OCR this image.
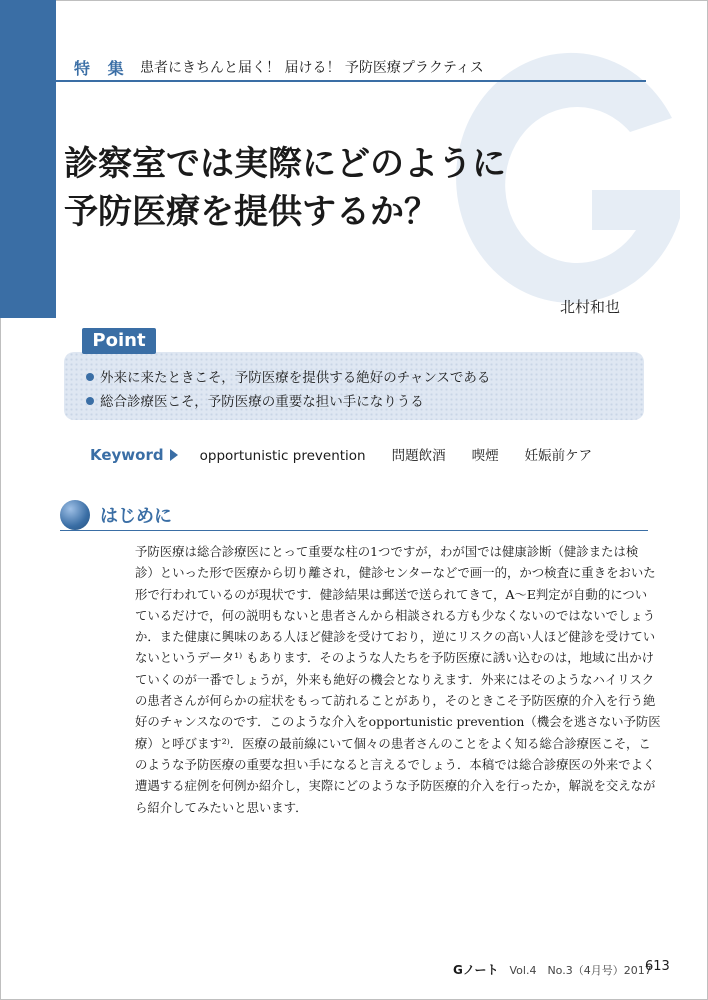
特 集 患者にきちんと届く！ 届ける！ 予防医療プラクティス
診察室では実際にどのように
予防医療を提供するか？
北村和也
外来に来たときこそ，予防医療を提供する絶好のチャンスである
総合診療医こそ，予防医療の重要な担い手になりうる
Point
Keyword	opportunistic prevention 問題飲酒 喫煙 妊娠前ケア
はじめに

予防医療は総合診療医にとって重要な柱の1つですが，わが国では健康診断（健診または検
診）といった形で医療から切り離され，健診センターなどで画一的，かつ検査に重きをおいた
形で行われているのが現状です．健診結果は郵送で送られてきて，A～E判定が自動的につい
ているだけで，何の説明もないと患者さんから相談される方も少なくないのではないでしょう
か．また健康に興味のある人ほど健診を受けており，逆にリスクの高い人ほど健診を受けてい
ないというデータ¹⁾ もあります．そのような人たちを予防医療に誘い込むのは，地域に出かけ
ていくのが一番でしょうが，外来も絶好の機会となりえます．外来にはそのようなハイリスク
の患者さんが何らかの症状をもって訪れることがあり，そのときこそ予防医療的介入を行う絶
好のチャンスなのです．このような介入をopportunistic prevention（機会を逃さない予防医
療）と呼びます²⁾．医療の最前線にいて個々の患者さんのことをよく知る総合診療医こそ，こ
のような予防医療の重要な担い手になると言えるでしょう．本稿では総合診療医の外来でよく
遭遇する症例を何例か紹介し，実際にどのような予防医療的介入を行ったか，解説を交えなが
ら紹介してみたいと思います．

Gノート　 Vol.4　No.3（4月号）2017
613
